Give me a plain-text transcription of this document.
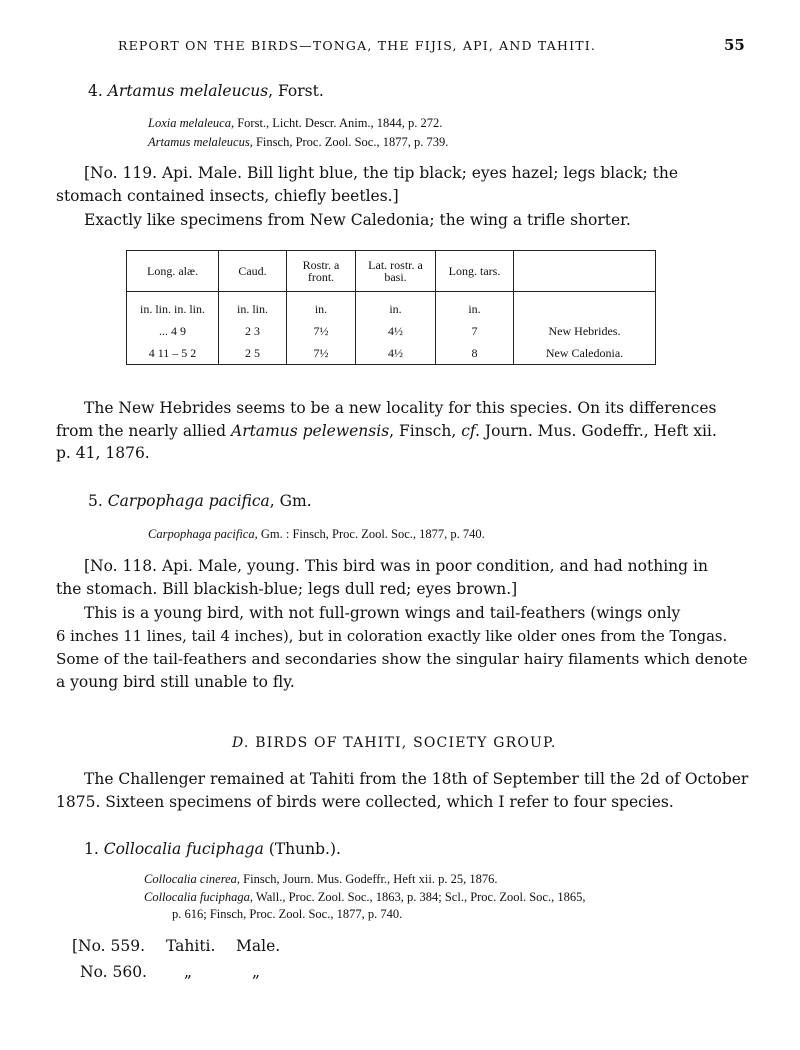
REPORT ON THE BIRDS—TONGA, THE FIJIS, API, AND TAHITI.	55
4. Artamus melaleucus, Forst.
Loxia melaleuca, Forst., Licht. Descr. Anim., 1844, p. 272.
Artamus melaleucus, Finsch, Proc. Zool. Soc., 1877, p. 739.
[No. 119. Api. Male. Bill light blue, the tip black; eyes hazel; legs black; the
stomach contained insects, chiefly beetles.]
Exactly like specimens from New Caledonia; the wing a trifle shorter.
Long. alæ.	Caud.	Rostr. a front.	Lat. rostr. a basi.	Long. tars.	
in. lin. in. lin.	in. lin.	in.	in.	in.	
... 4 9	2 3	7½	4½	7	New Hebrides.
4 11 – 5 2	2 5	7½	4½	8	New Caledonia.
The New Hebrides seems to be a new locality for this species. On its differences
from the nearly allied Artamus pelewensis, Finsch, cf. Journ. Mus. Godeffr., Heft xii.
p. 41, 1876.
5. Carpophaga pacifica, Gm.
Carpophaga pacifica, Gm. : Finsch, Proc. Zool. Soc., 1877, p. 740.
[No. 118. Api. Male, young. This bird was in poor condition, and had nothing in
the stomach. Bill blackish-blue; legs dull red; eyes brown.]
This is a young bird, with not full-grown wings and tail-feathers (wings only
6 inches 11 lines, tail 4 inches), but in coloration exactly like older ones from the Tongas.
Some of the tail-feathers and secondaries show the singular hairy filaments which denote
a young bird still unable to fly.
D. BIRDS OF TAHITI, SOCIETY GROUP.
The Challenger remained at Tahiti from the 18th of September till the 2d of October
1875. Sixteen specimens of birds were collected, which I refer to four species.
1. Collocalia fuciphaga (Thunb.).
Collocalia cinerea, Finsch, Journ. Mus. Godeffr., Heft xii. p. 25, 1876.
Collocalia fuciphaga, Wall., Proc. Zool. Soc., 1863, p. 384; Scl., Proc. Zool. Soc., 1865,
p. 616; Finsch, Proc. Zool. Soc., 1877, p. 740.
[No. 559. Tahiti. Male.
No. 560. „	„
